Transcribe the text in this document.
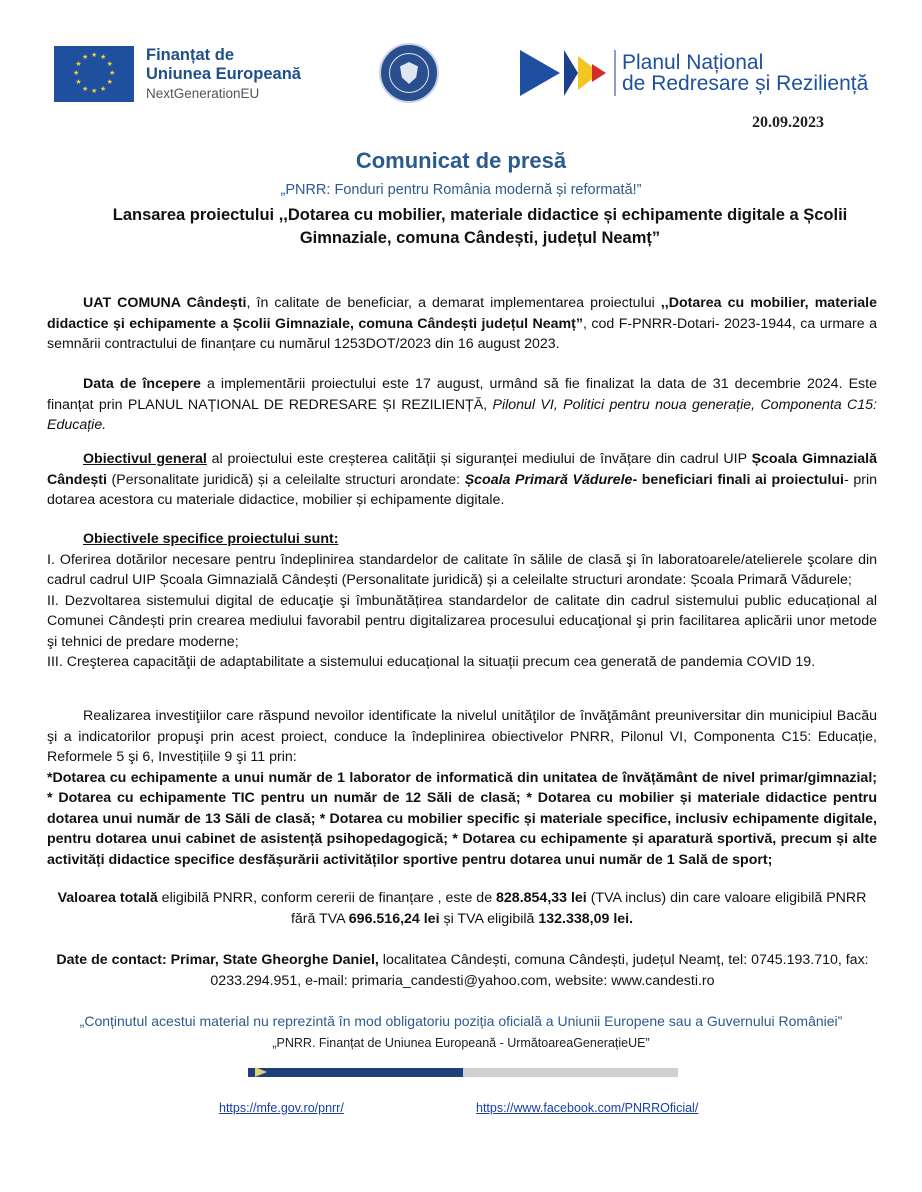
★ ★
★
★
★
★
★
★
★
★
★
★	Finanțat de
Uniunea Europeană
NextGenerationEU
Planul Național
de Redresare și Reziliență
20.09.2023
Comunicat de presă
„PNRR: Fonduri pentru România modernă și reformată!”
Lansarea proiectului ,,Dotarea cu mobilier, materiale didactice și echipamente digitale a Școlii Gimnaziale, comuna Cândești, județul Neamț”
UAT COMUNA Cândești, în calitate de beneficiar, a demarat implementarea proiectului ,,Dotarea cu mobilier, materiale didactice și echipamente a Școlii Gimnaziale, comuna Cândești județul Neamț”, cod F-PNRR-Dotari- 2023-1944, ca urmare a semnării contractului de finanțare cu numărul 1253DOT/2023 din 16 august 2023.
Data de începere a implementării proiectului este 17 august, urmând să fie finalizat la data de 31 decembrie 2024. Este finanțat prin PLANUL NAȚIONAL DE REDRESARE ȘI REZILIENȚĂ, Pilonul VI, Politici pentru noua generație, Componenta C15: Educație.
Obiectivul general al proiectului este creșterea calității și siguranței mediului de învățare din cadrul UIP Școala Gimnazială Cândești (Personalitate juridică) și a celeilalte structuri arondate: Școala Primară Vădurele- beneficiari finali ai proiectului- prin dotarea acestora cu materiale didactice, mobilier și echipamente digitale.
Obiectivele specifice proiectului sunt:
I. Oferirea dotărilor necesare pentru îndeplinirea standardelor de calitate în sălile de clasă şi în laboratoarele/atelierele şcolare din cadrul cadrul UIP Școala Gimnazială Cândești (Personalitate juridică) și a celeilalte structuri arondate: Școala Primară Vădurele;
II. Dezvoltarea sistemului digital de educaţie şi îmbunătățirea standardelor de calitate din cadrul sistemului public educațional al Comunei Cândești prin crearea mediului favorabil pentru digitalizarea procesului educaţional şi prin facilitarea aplicării unor metode şi tehnici de predare moderne;
III. Creşterea capacităţii de adaptabilitate a sistemului educațional la situații precum cea generată de pandemia COVID 19.
Realizarea investiţiilor care răspund nevoilor identificate la nivelul unităţilor de învăţământ preuniversitar din municipiul Bacău şi a indicatorilor propuşi prin acest proiect, conduce la îndeplinirea obiectivelor PNRR, Pilonul VI, Componenta C15: Educație, Reformele 5 şi 6, Investițiile 9 şi 11 prin:
*Dotarea cu echipamente a unui număr de 1 laborator de informatică din unitatea de învățământ de nivel primar/gimnazial; * Dotarea cu echipamente TIC pentru un număr de 12 Săli de clasă; * Dotarea cu mobilier și materiale didactice pentru dotarea unui număr de 13 Săli de clasă; * Dotarea cu mobilier specific și materiale specifice, inclusiv echipamente digitale, pentru dotarea unui cabinet de asistență psihopedagogică; * Dotarea cu echipamente și aparatură sportivă, precum și alte activități didactice specifice desfășurării activităților sportive pentru dotarea unui număr de 1 Sală de sport;
Valoarea totală eligibilă PNRR, conform cererii de finanțare , este de 828.854,33 lei (TVA inclus) din care valoare eligibilă PNRR fără TVA 696.516,24 lei și TVA eligibilă 132.338,09 lei.
Date de contact: Primar, State Gheorghe Daniel, localitatea Cândești, comuna Cândești, județul Neamț, tel: 0745.193.710, fax: 0233.294.951, e-mail: primaria_candesti@yahoo.com, website: www.candesti.ro
„Conținutul acestui material nu reprezintă în mod obligatoriu poziția oficială a Uniunii Europene sau a Guvernului României”
„PNRR. Finanțat de Uniunea Europeană - UrmătoareaGenerațieUE”
https://mfe.gov.ro/pnrr/	https://www.facebook.com/PNRROficial/
